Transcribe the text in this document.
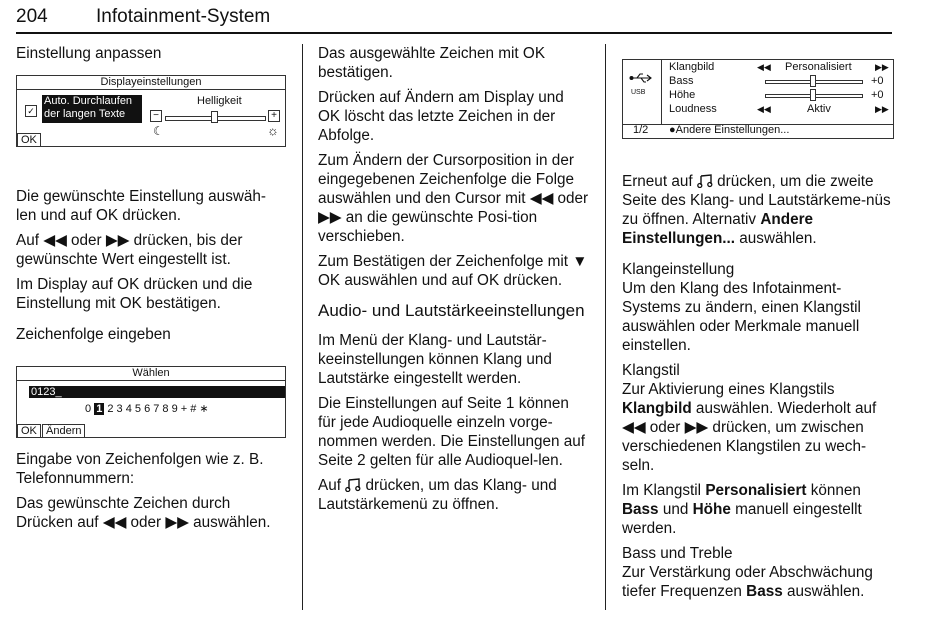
204	Infotainment-System
Einstellung anpassen
Displayeinstellungen
✓
Auto. Durchlaufen
der langen Texte
Helligkeit
−	+
☾	☼
OK

Die gewünschte Einstellung auswäh- len und auf OK drücken.

Auf ◀◀ oder ▶▶ drücken, bis der gewünschte Wert eingestellt ist.

Im Display auf OK drücken und die Einstellung mit OK bestätigen.

Zeichenfolge eingeben
Wählen
0123_
0 1 2 3 4 5 6 7 8 9 + # ∗
OK Ändern

Eingabe von Zeichenfolgen wie z. B. Telefonnummern:

Das gewünschte Zeichen durch Drücken auf ◀◀ oder ▶▶ auswählen.

Das ausgewählte Zeichen mit OK bestätigen.

Drücken auf Ändern am Display und OK löscht das letzte Zeichen in der Abfolge.

Zum Ändern der Cursorposition in der eingegebenen Zeichenfolge die Folge auswählen und den Cursor mit ◀◀ oder ▶▶ an die gewünschte Posi-tion verschieben.

Zum Bestätigen der Zeichenfolge mit ▼ OK auswählen und auf OK drücken.

Audio- und Lautstärkeeinstellungen

Im Menü der Klang- und Lautstär-keeinstellungen können Klang und Lautstärke eingestellt werden.

Die Einstellungen auf Seite 1 können für jede Audioquelle einzeln vorge-nommen werden. Die Einstellungen auf Seite 2 gelten für alle Audioquel-len.

Auf  drücken, um das Klang- und Lautstärkemenü zu öffnen.

USB
Klangbild	◀◀ Personalisiert	▶▶
Bass	+0
Höhe	+0
Loudness	◀◀	Aktiv	▶▶
1/2 ●Andere Einstellungen...

Erneut auf  drücken, um die zweite Seite des Klang- und Lautstärkeme-nüs zu öffnen. Alternativ Andere Einstellungen... auswählen.

Klangeinstellung

Um den Klang des Infotainment-Systems zu ändern, einen Klangstil auswählen oder Merkmale manuell einstellen.

Klangstil

Zur Aktivierung eines Klangstils Klangbild auswählen. Wiederholt auf ◀◀ oder ▶▶ drücken, um zwischen verschiedenen Klangstilen zu wech-seln.

Im Klangstil Personalisiert können Bass und Höhe manuell eingestellt werden.

Bass und Treble

Zur Verstärkung oder Abschwächung tiefer Frequenzen Bass auswählen.
